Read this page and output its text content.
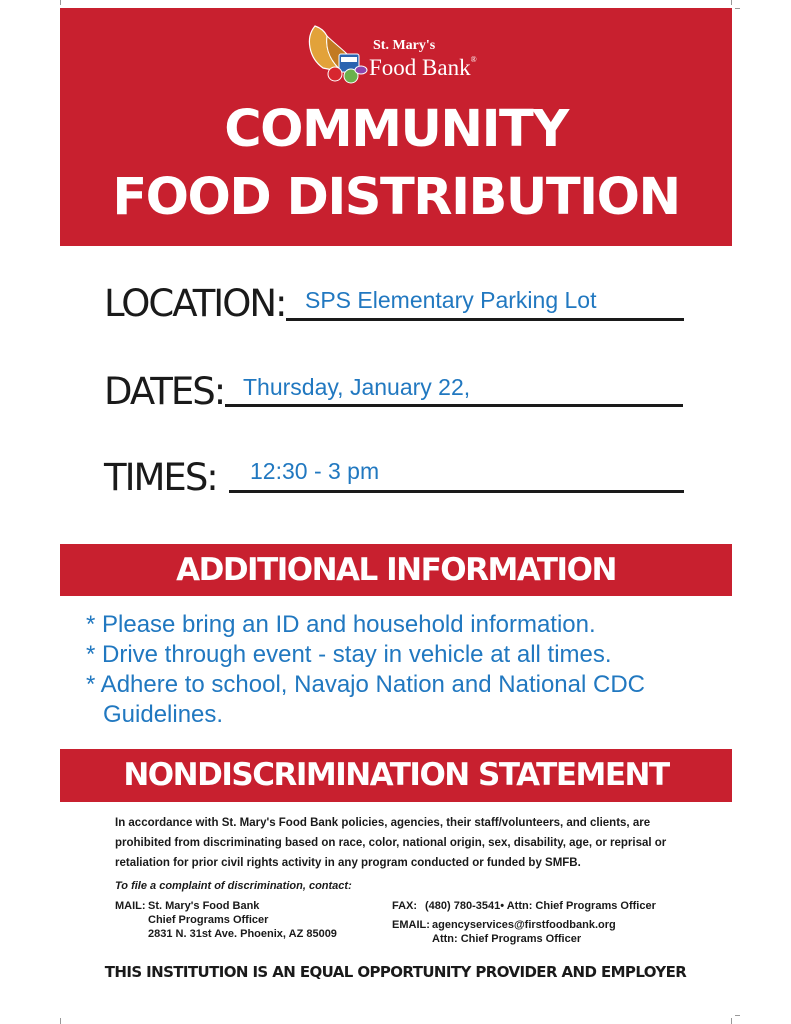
St. Mary's
Food Bank®
COMMUNITY
FOOD DISTRIBUTION
LOCATION: SPS Elementary Parking Lot
DATES: Thursday, January 22,
TIMES: 12:30 - 3 pm
ADDITIONAL INFORMATION
* Please bring an ID and household information.
* Drive through event - stay in vehicle at all times.
* Adhere to school, Navajo Nation and National CDC
Guidelines.
NONDISCRIMINATION STATEMENT
In accordance with St. Mary's Food Bank policies, agencies, their staff/volunteers, and clients, are prohibited from discriminating based on race, color, national origin, sex, disability, age, or reprisal or retaliation for prior civil rights activity in any program conducted or funded by SMFB.
To file a complaint of discrimination, contact:
MAIL: St. Mary's Food Bank
Chief Programs Officer
2831 N. 31st Ave. Phoenix, AZ 85009
FAX: (480) 780-3541• Attn: Chief Programs Officer
EMAIL: agencyservices@firstfoodbank.org
Attn: Chief Programs Officer
THIS INSTITUTION IS AN EQUAL OPPORTUNITY PROVIDER AND EMPLOYER
